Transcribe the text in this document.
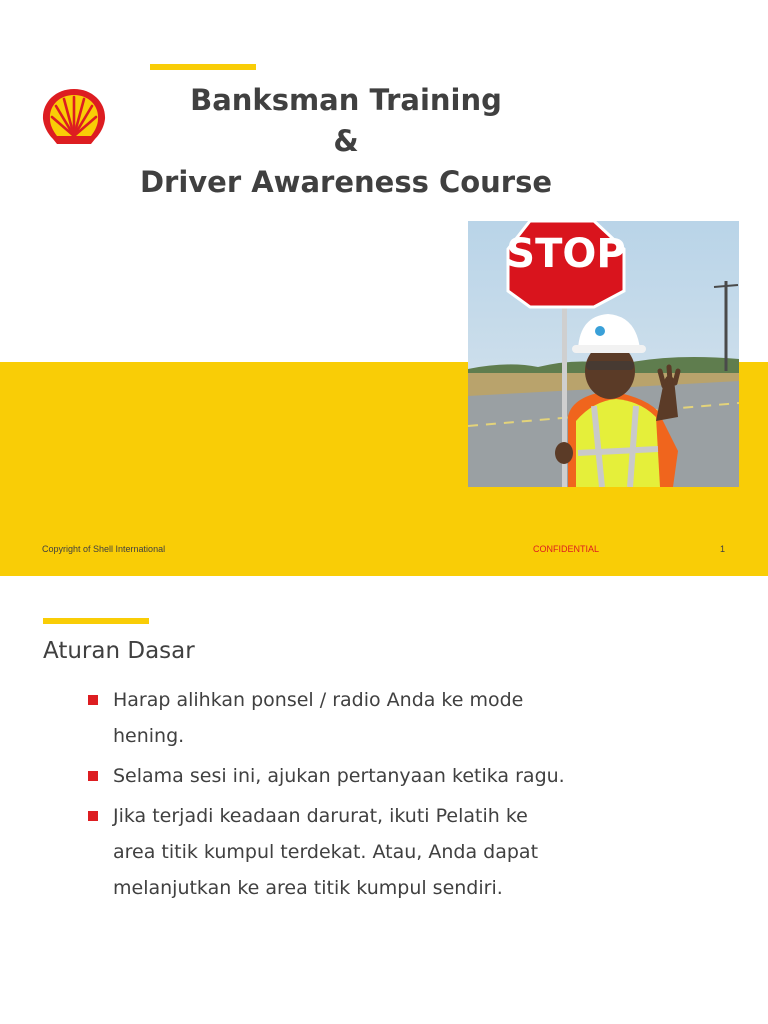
Banksman Training
&
Driver Awareness Course
STOP
Copyright of Shell International	CONFIDENTIAL	1
Aturan Dasar
Harap alihkan ponsel / radio Anda ke mode hening.
Selama sesi ini, ajukan pertanyaan ketika ragu.
Jika terjadi keadaan darurat, ikuti Pelatih ke area titik kumpul terdekat. Atau, Anda dapat melanjutkan ke area titik kumpul sendiri.
